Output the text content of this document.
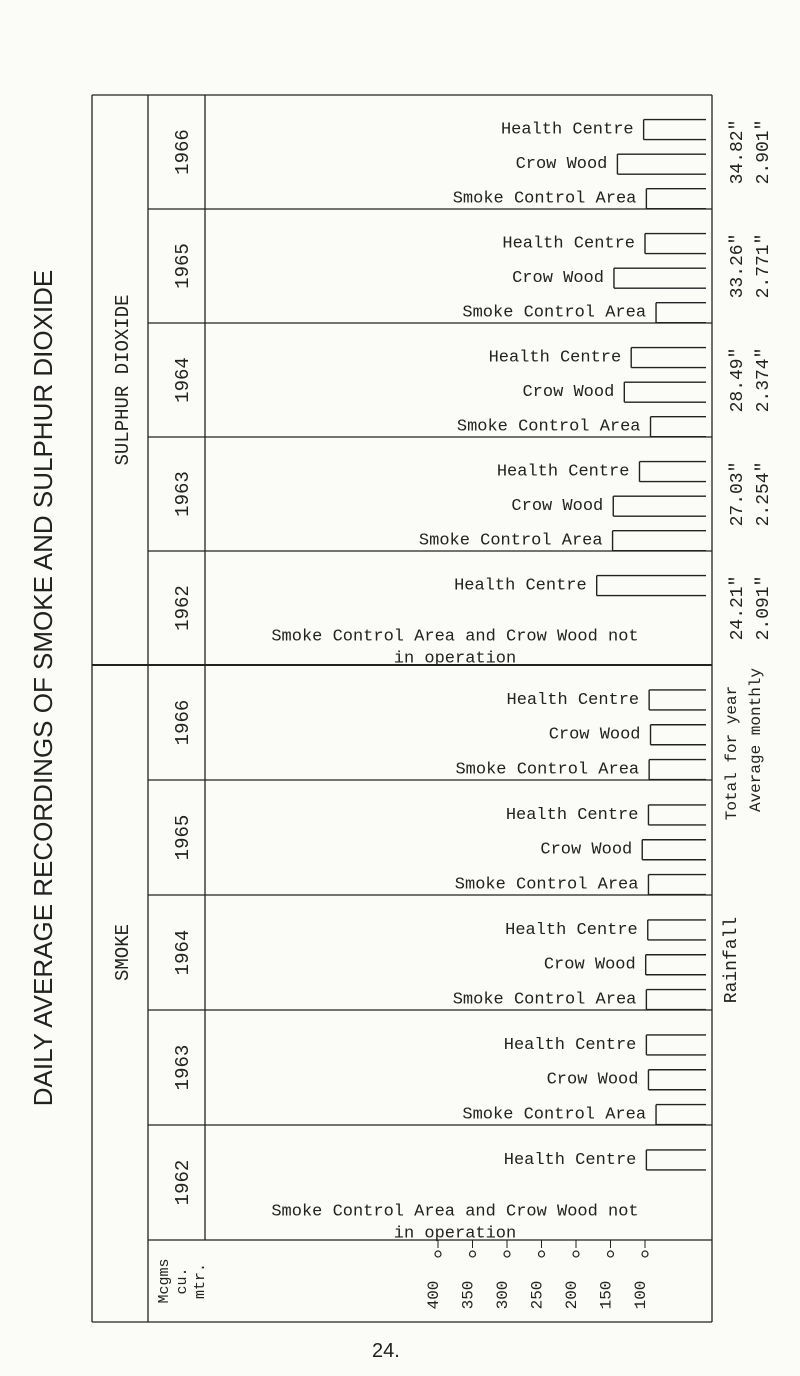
DAILY AVERAGE RECORDINGS OF SMOKE AND SULPHUR DIOXIDE	SULPHUR DIOXIDE
1966	Health Centre
Crow Wood
Smoke Control Area
1965	Health Centre
Crow Wood
Smoke Control Area
1964	Health Centre
Crow Wood
Smoke Control Area
1963	Health Centre
Crow Wood
Smoke Control Area
1962	Health Centre
Smoke Control Area and Crow Wood not
in operation
SMOKE
1966	Health Centre
Crow Wood
Smoke Control Area
1965	Health Centre
Crow Wood
Smoke Control Area
1964	Health Centre
Crow Wood
Smoke Control Area
1963	Health Centre
Crow Wood
Smoke Control Area
1962	Health Centre
Smoke Control Area and Crow Wood not
in operation
Mcgms cu. mtr.	400 350 300 250 200 150 100
Rainfall
Total for year Average monthly
34.82" 2.901"
33.26" 2.771"
28.49" 2.374"
27.03" 2.254"
24.21" 2.091"
24.
